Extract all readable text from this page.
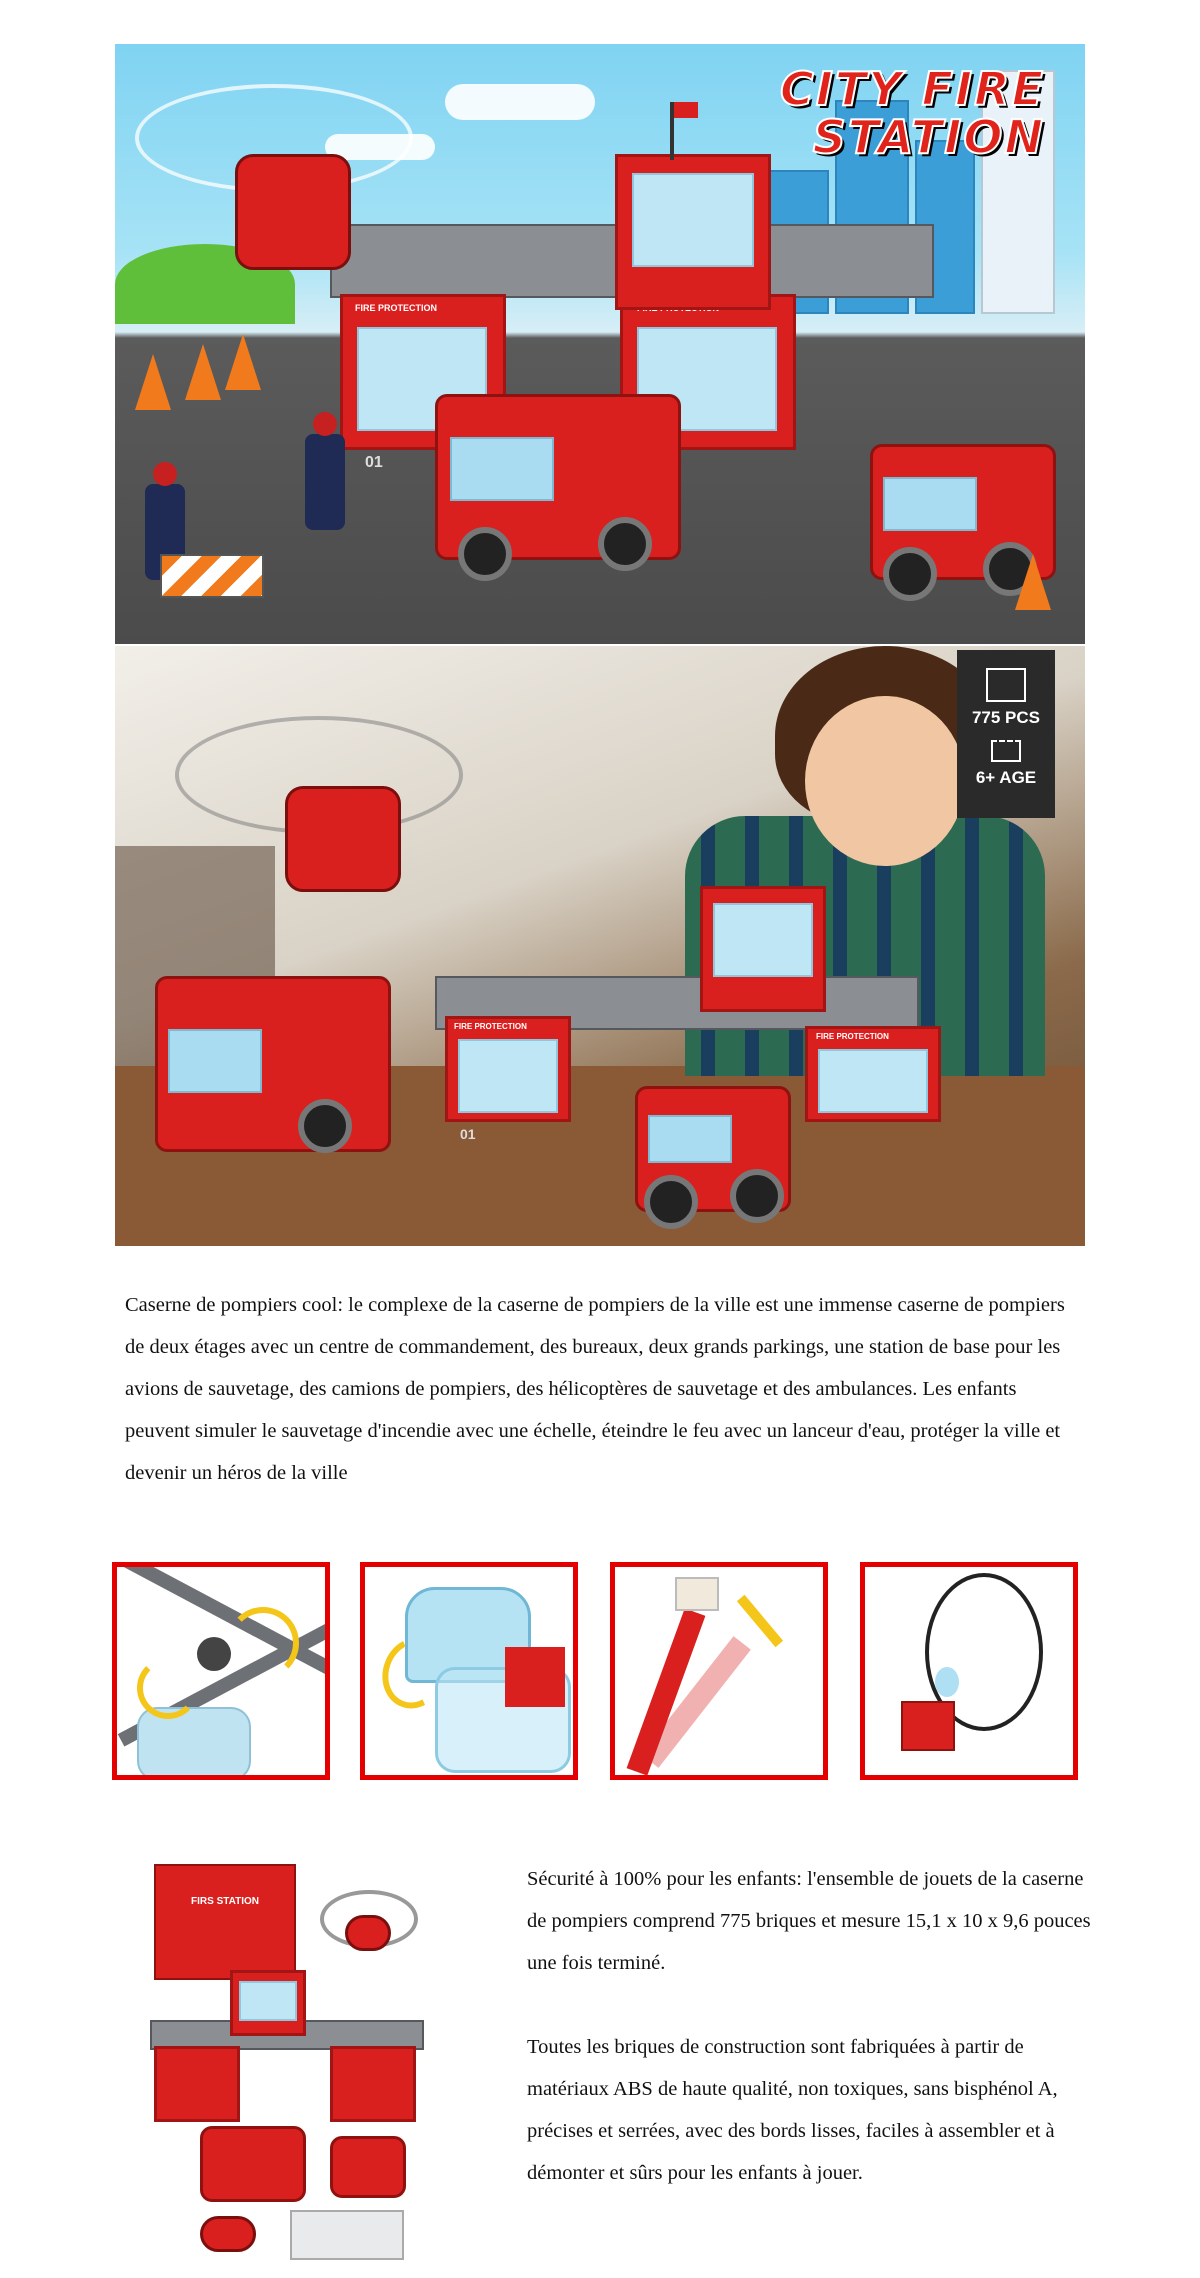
CITY FIRE
STATION
FIRE PROTECTION
01
775 PCS
6+ AGE
FIRE PROTECTION
FIRE PROTECTION
01

Caserne de pompiers cool: le complexe de la caserne de pompiers de la ville est une immense caserne de pompiers de deux étages avec un centre de commandement, des bureaux, deux grands parkings, une station de base pour les avions de sauvetage, des camions de pompiers, des hélicoptères de sauvetage et des ambulances. Les enfants peuvent simuler le sauvetage d'incendie avec une échelle, éteindre le feu avec un lanceur d'eau, protéger la ville et devenir un héros de la ville

FIRS STATION

Sécurité à 100% pour les enfants: l'ensemble de jouets de la caserne de pompiers comprend 775 briques et mesure 15,1 x 10 x 9,6 pouces une fois terminé.

Toutes les briques de construction sont fabriquées à partir de matériaux ABS de haute qualité, non toxiques, sans bisphénol A, précises et serrées, avec des bords lisses, faciles à assembler et à démonter et sûrs pour les enfants à jouer.
